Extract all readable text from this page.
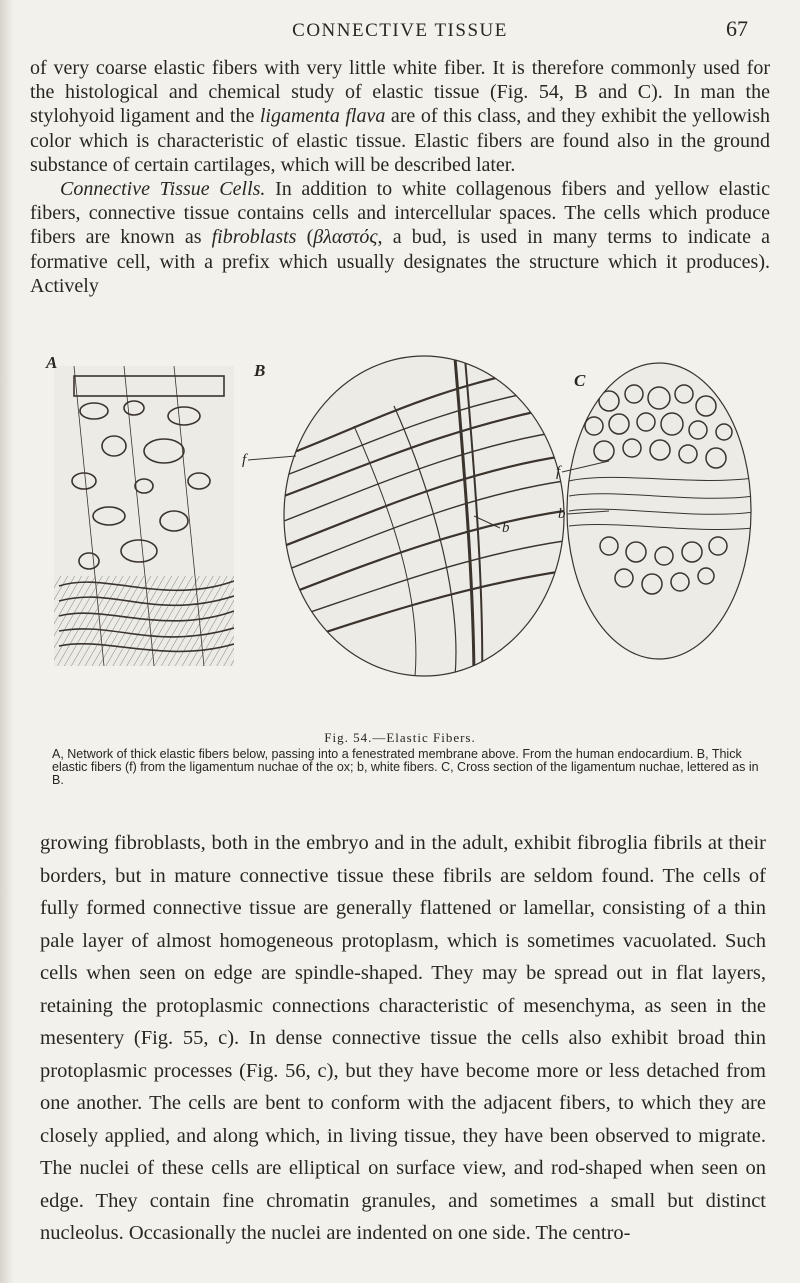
CONNECTIVE TISSUE	67

of very coarse elastic fibers with very little white fiber. It is therefore commonly used for the histological and chemical study of elastic tissue (Fig. 54, B and C). In man the stylohyoid ligament and the ligamenta flava are of this class, and they exhibit the yellowish color which is characteristic of elastic tissue. Elastic fibers are found also in the ground substance of certain cartilages, which will be described later.
Connective Tissue Cells. In addition to white collagenous fibers and yellow elastic fibers, connective tissue contains cells and intercellular spaces. The cells which produce fibers are known as fibroblasts (βλαστός, a bud, is used in many terms to indicate a formative cell, with a prefix which usually designates the structure which it produces). Actively

B
f
b
C
f
b
A
Fig. 54.—Elastic Fibers.

A, Network of thick elastic fibers below, passing into a fenestrated membrane above. From the human endocardium. B, Thick elastic fibers (f) from the ligamentum nuchae of the ox; b, white fibers. C, Cross section of the ligamentum nuchae, lettered as in B.

growing fibroblasts, both in the embryo and in the adult, exhibit fibroglia fibrils at their borders, but in mature connective tissue these fibrils are seldom found. The cells of fully formed connective tissue are generally flattened or lamellar, consisting of a thin pale layer of almost homogeneous protoplasm, which is sometimes vacuolated. Such cells when seen on edge are spindle-shaped. They may be spread out in flat layers, retaining the protoplasmic connections characteristic of mesenchyma, as seen in the mesentery (Fig. 55, c). In dense connective tissue the cells also exhibit broad thin protoplasmic processes (Fig. 56, c), but they have become more or less detached from one another. The cells are bent to conform with the adjacent fibers, to which they are closely applied, and along which, in living tissue, they have been observed to migrate. The nuclei of these cells are elliptical on surface view, and rod-shaped when seen on edge. They contain fine chromatin granules, and sometimes a small but distinct nucleolus. Occasionally the nuclei are indented on one side. The centro-
